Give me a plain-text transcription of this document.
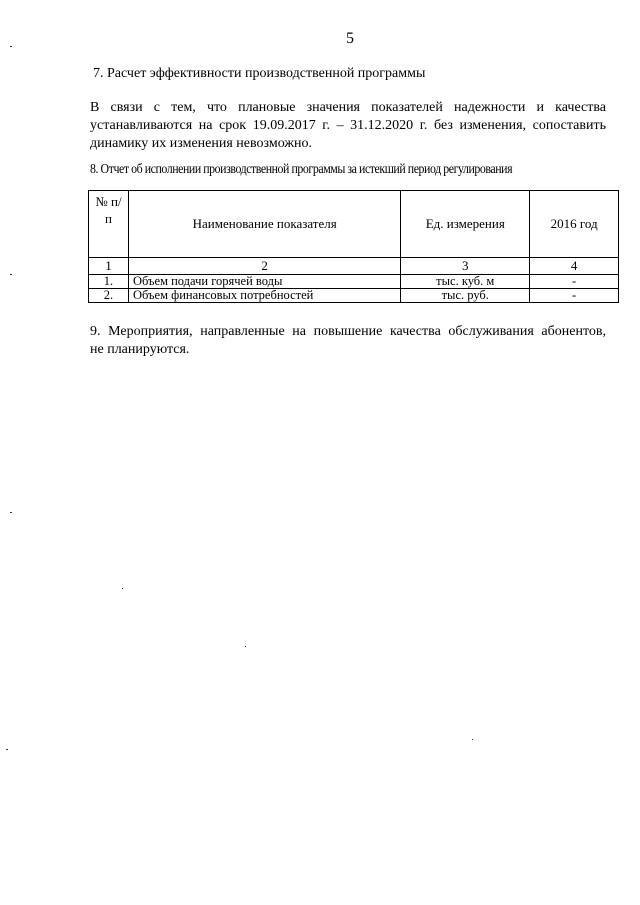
5
7. Расчет эффективности производственной программы
В связи с тем, что плановые значения показателей надежности и качества
устанавливаются на срок 19.09.2017 г. – 31.12.2020 г. без изменения, сопоставить
динамику их изменения невозможно.
8. Отчет об исполнении производственной программы за истекший период регулирования
№ п/п	Наименование показателя	Ед. измерения	2016 год
1	2	3	4
1.	Объем подачи горячей воды	тыс. куб. м	-
2.	Объем финансовых потребностей	тыс. руб.	-
9. Мероприятия, направленные на повышение качества обслуживания абонентов,
не планируются.
